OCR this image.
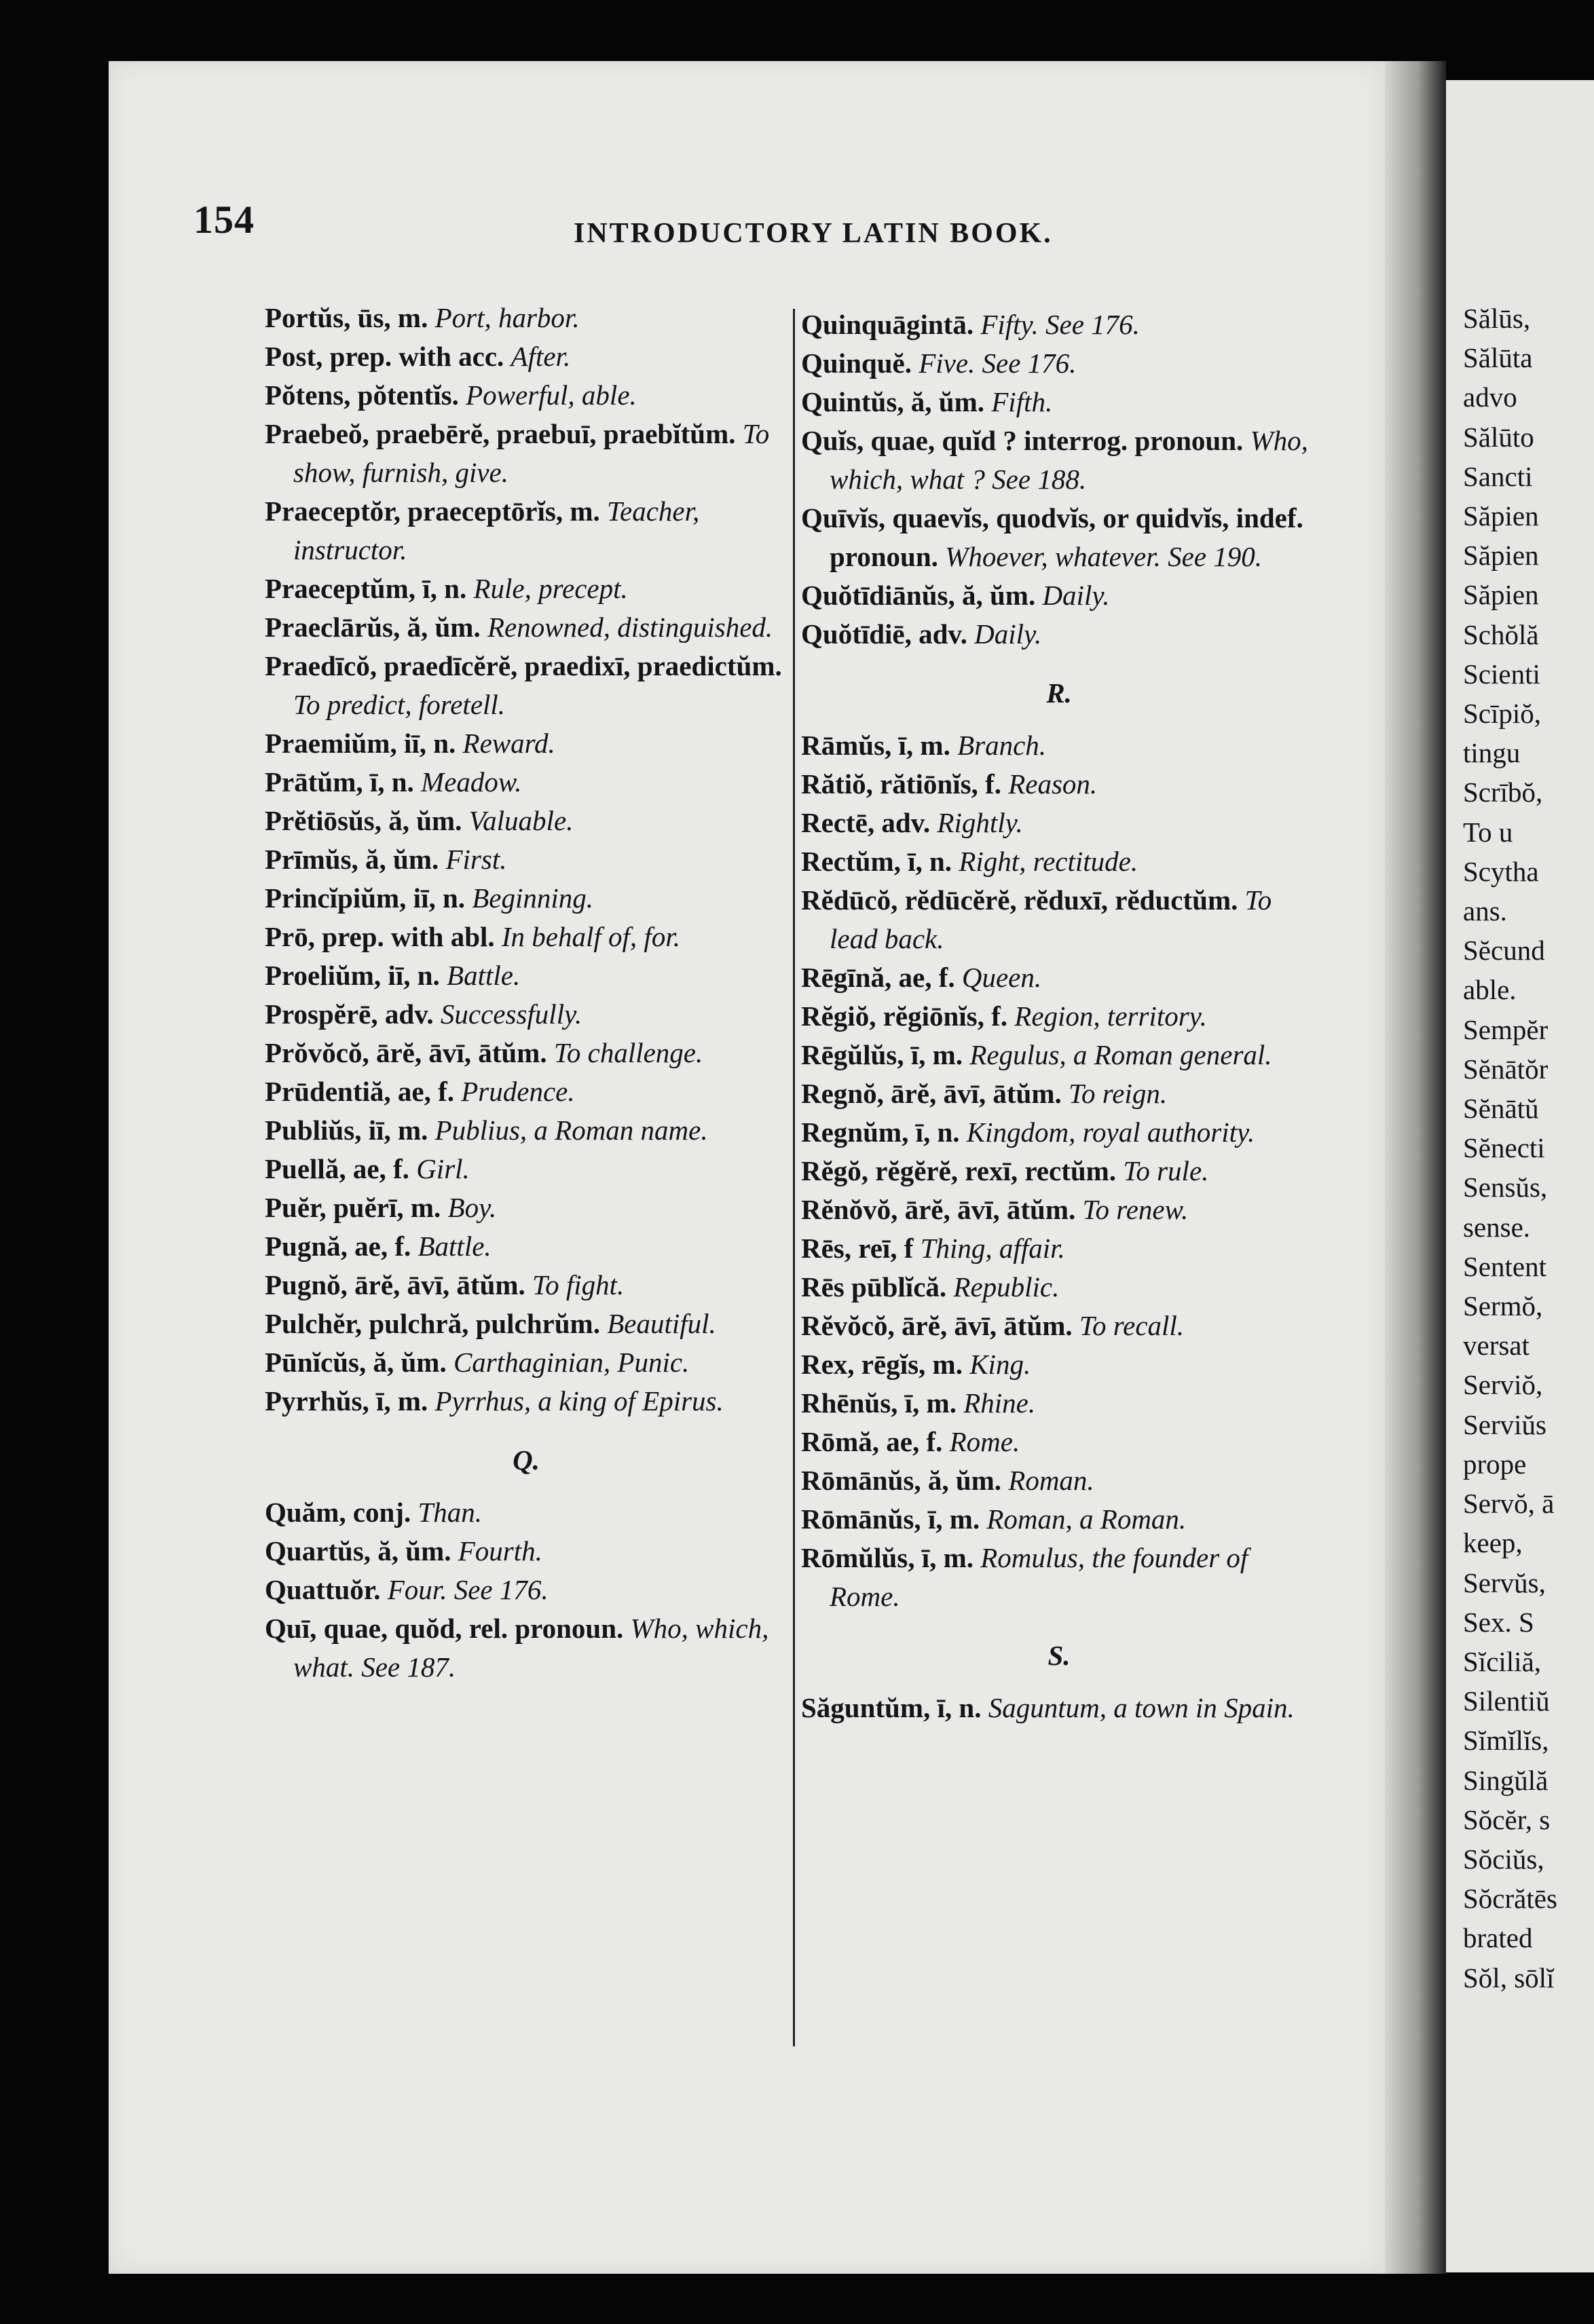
154	INTRODUCTORY LATIN BOOK.

Portŭs, ūs, m. Port, harbor.

Post, prep. with acc. After.

Pŏtens, pŏtentĭs. Powerful, able.

Praebeŏ, praebērĕ, praebuī, praebĭtŭm. To show, furnish, give.

Praeceptŏr, praeceptōrĭs, m. Teacher, instructor.

Praeceptŭm, ī, n. Rule, precept.

Praeclārŭs, ă, ŭm. Renowned, distinguished.

Praedīcŏ, praedīcĕrĕ, praedixī, praedictŭm. To predict, foretell.

Praemiŭm, iī, n. Reward.

Prātŭm, ī, n. Meadow.

Prĕtiōsŭs, ă, ŭm. Valuable.

Prīmŭs, ă, ŭm. First.

Princĭpiŭm, iī, n. Beginning.

Prō, prep. with abl. In behalf of, for.

Proeliŭm, iī, n. Battle.

Prospĕrē, adv. Successfully.

Prŏvŏcŏ, ārĕ, āvī, ātŭm. To challenge.

Prūdentiă, ae, f. Prudence.

Publiŭs, iī, m. Publius, a Roman name.

Puellă, ae, f. Girl.

Puĕr, puĕrī, m. Boy.

Pugnă, ae, f. Battle.

Pugnŏ, ārĕ, āvī, ātŭm. To fight.

Pulchĕr, pulchră, pulchrŭm. Beautiful.

Pūnĭcŭs, ă, ŭm. Carthaginian, Punic.

Pyrrhŭs, ī, m. Pyrrhus, a king of Epirus.

Q.

Quăm, conj. Than.

Quartŭs, ă, ŭm. Fourth.

Quattuŏr. Four. See 176.

Quī, quae, quŏd, rel. pronoun. Who, which, what. See 187.

Quinquāgintā. Fifty. See 176.

Quinquĕ. Five. See 176.

Quintŭs, ă, ŭm. Fifth.

Quĭs, quae, quĭd ? interrog. pronoun. Who, which, what ? See 188.

Quīvĭs, quaevĭs, quodvĭs, or quidvĭs, indef. pronoun. Whoever, whatever. See 190.

Quŏtīdiānŭs, ă, ŭm. Daily.

Quŏtīdiē, adv. Daily.

R.

Rāmŭs, ī, m. Branch.

Rătiŏ, rătiōnĭs, f. Reason.

Rectē, adv. Rightly.

Rectŭm, ī, n. Right, rectitude.

Rĕdūcŏ, rĕdūcĕrĕ, rĕduxī, rĕductŭm. To lead back.

Rēgīnă, ae, f. Queen.

Rĕgiŏ, rĕgiōnĭs, f. Region, territory.

Rēgŭlŭs, ī, m. Regulus, a Roman general.

Regnŏ, ārĕ, āvī, ātŭm. To reign.

Regnŭm, ī, n. Kingdom, royal authority.

Rĕgŏ, rĕgĕrĕ, rexī, rectŭm. To rule.

Rĕnŏvŏ, ārĕ, āvī, ātŭm. To renew.

Rēs, reī, f Thing, affair.

Rēs pūblĭcă. Republic.

Rĕvŏcŏ, ārĕ, āvī, ātŭm. To recall.

Rex, rēgĭs, m. King.

Rhēnŭs, ī, m. Rhine.

Rōmă, ae, f. Rome.

Rōmānŭs, ă, ŭm. Roman.

Rōmānŭs, ī, m. Roman, a Roman.

Rōmŭlŭs, ī, m. Romulus, the founder of Rome.

S.

Săguntŭm, ī, n. Saguntum, a town in Spain.

Sălūs,
Sălūta
advo
Sălūto
Sancti
Săpien
Săpien
Săpien
Schŏlă
Scienti
Scīpiŏ,
tingu
Scrībŏ,
To u
Scytha
ans.
Sĕcund
able.
Sempĕr
Sĕnātŏr
Sĕnātŭ
Sĕnecti
Sensŭs,
sense.
Sentent
Sermŏ,
versat
Serviŏ,
Serviŭs
prope
Servŏ, ā
keep,
Servŭs,
Sex. S
Sĭciliă,
Silentiŭ
Sĭmĭlĭs,
Singŭlă
Sŏcĕr, s
Sŏciŭs,
Sŏcrătēs
brated
Sŏl, sōlĭ
